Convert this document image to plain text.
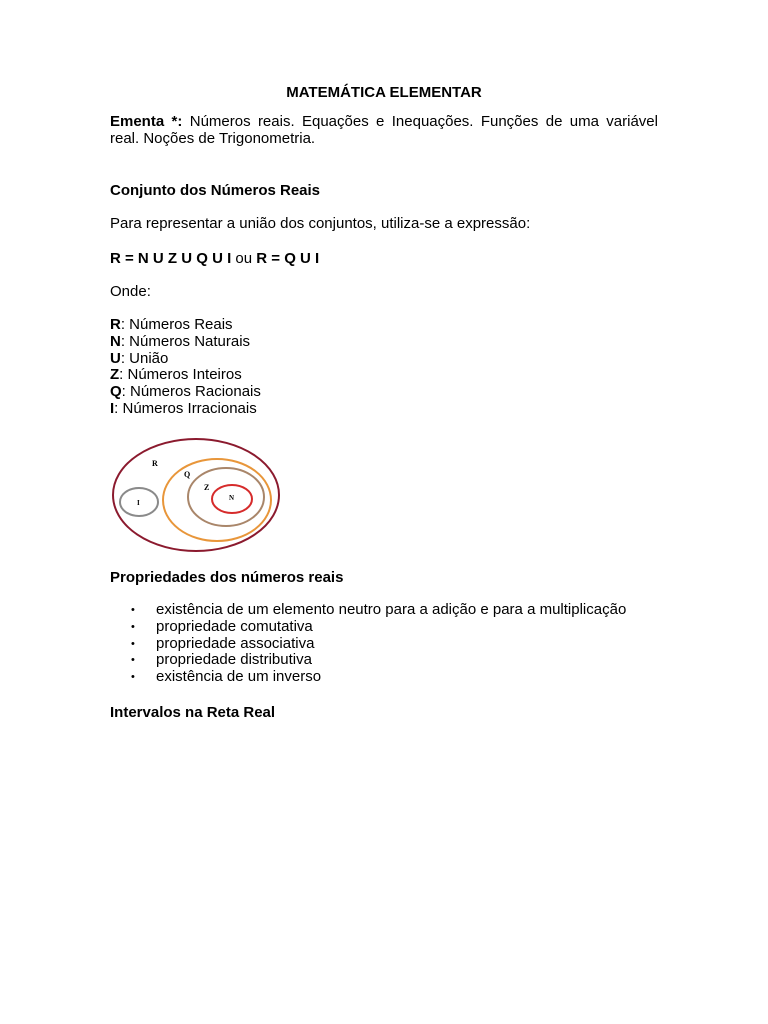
MATEMÁTICA ELEMENTAR
Ementa *: Números reais. Equações e Inequações. Funções de uma variável real. Noções de Trigonometria.
Conjunto dos Números Reais
Para representar a união dos conjuntos, utiliza-se a expressão:
R = N U Z U Q U I ou R = Q U I
Onde:
R: Números Reais
N: Números Naturais
U: União
Z: Números Inteiros
Q: Números Racionais
I: Números Irracionais
R
Q
Z
N
I
Propriedades dos números reais
• existência de um elemento neutro para a adição e para a multiplicação
• propriedade comutativa
• propriedade associativa
• propriedade distributiva
• existência de um inverso
Intervalos na Reta Real
